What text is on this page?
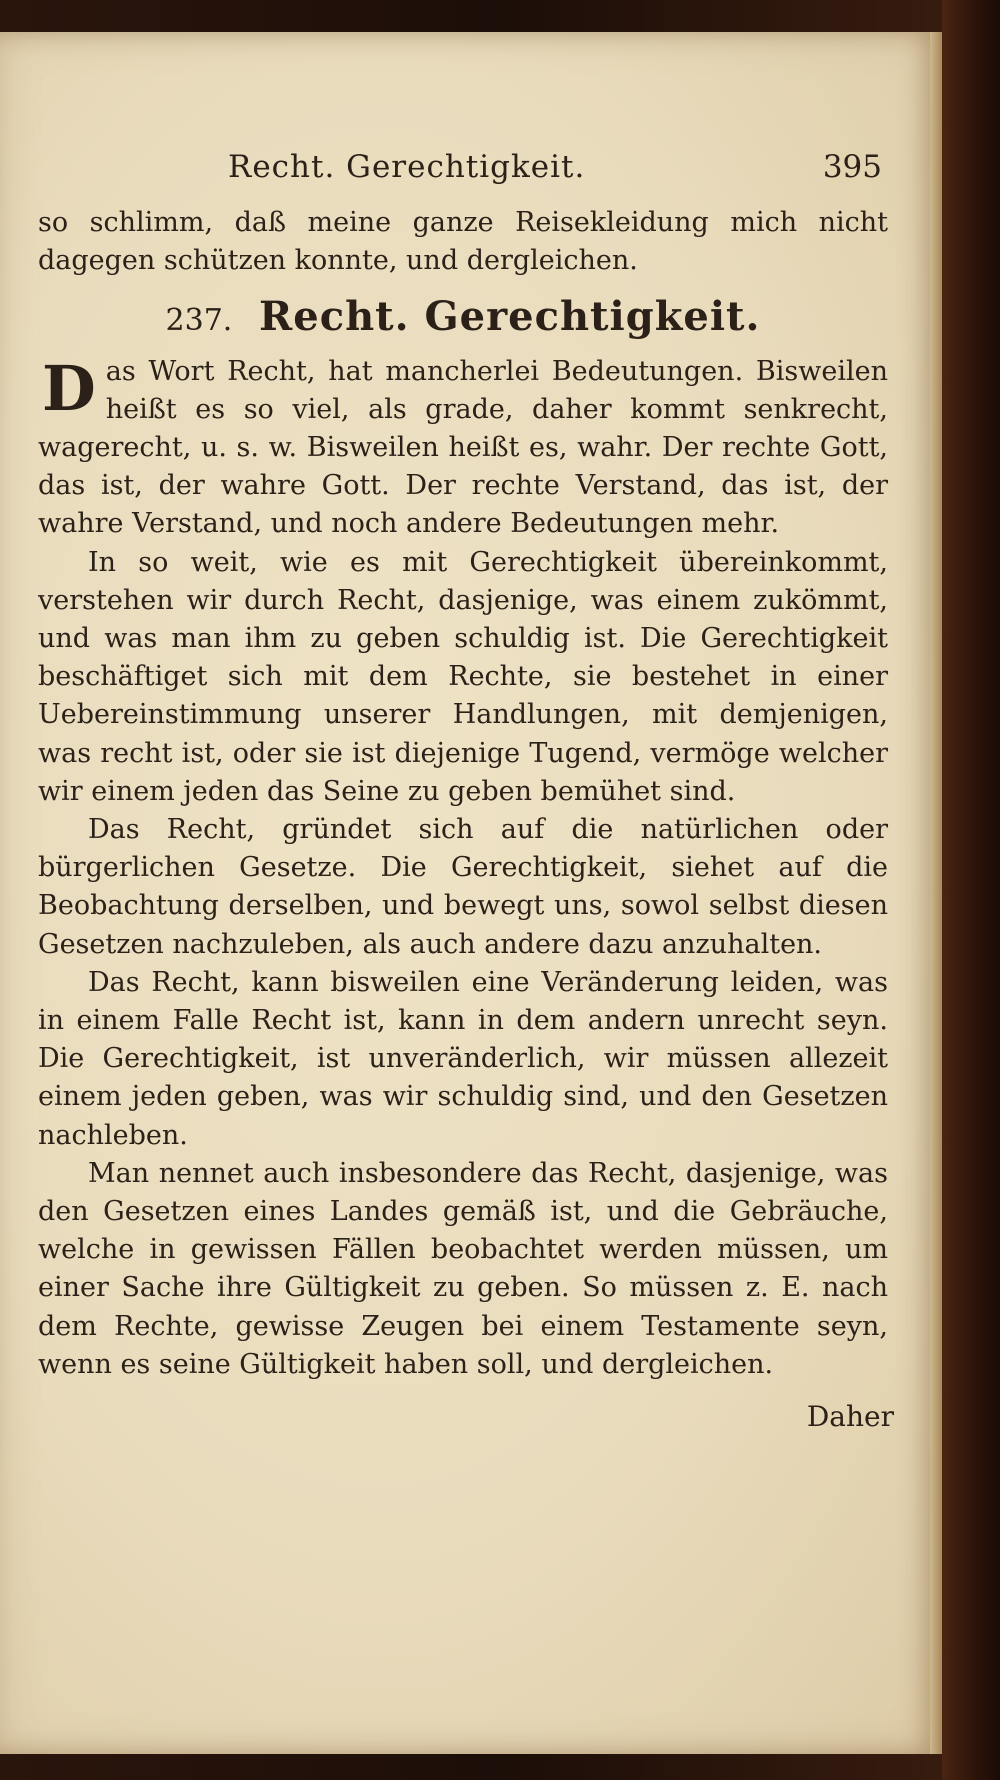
Recht. Gerechtigkeit.	395

so schlimm, daß meine ganze Reisekleidung mich nicht dagegen schützen konnte, und dergleichen.

237. Recht. Gerechtigkeit.

Das Wort Recht, hat mancherlei Bedeutungen. Bisweilen heißt es so viel, als grade, daher kommt senkrecht, wagerecht, u. s. w. Bisweilen heißt es, wahr. Der rechte Gott, das ist, der wahre Gott. Der rechte Verstand, das ist, der wahre Verstand, und noch andere Bedeutungen mehr.

In so weit, wie es mit Gerechtigkeit übereinkommt, verstehen wir durch Recht, dasjenige, was einem zukömmt, und was man ihm zu geben schuldig ist. Die Gerechtigkeit beschäftiget sich mit dem Rechte, sie bestehet in einer Uebereinstimmung unserer Handlungen, mit demjenigen, was recht ist, oder sie ist diejenige Tugend, vermöge welcher wir einem jeden das Seine zu geben bemühet sind.

Das Recht, gründet sich auf die natürlichen oder bürgerlichen Gesetze. Die Gerechtigkeit, siehet auf die Beobachtung derselben, und bewegt uns, sowol selbst diesen Gesetzen nachzuleben, als auch andere dazu anzuhalten.

Das Recht, kann bisweilen eine Veränderung leiden, was in einem Falle Recht ist, kann in dem andern unrecht seyn. Die Gerechtigkeit, ist unveränderlich, wir müssen allezeit einem jeden geben, was wir schuldig sind, und den Gesetzen nachleben.

Man nennet auch insbesondere das Recht, dasjenige, was den Gesetzen eines Landes gemäß ist, und die Gebräuche, welche in gewissen Fällen beobachtet werden müssen, um einer Sache ihre Gültigkeit zu geben. So müssen z. E. nach dem Rechte, gewisse Zeugen bei einem Testamente seyn, wenn es seine Gültigkeit haben soll, und dergleichen.

Daher
